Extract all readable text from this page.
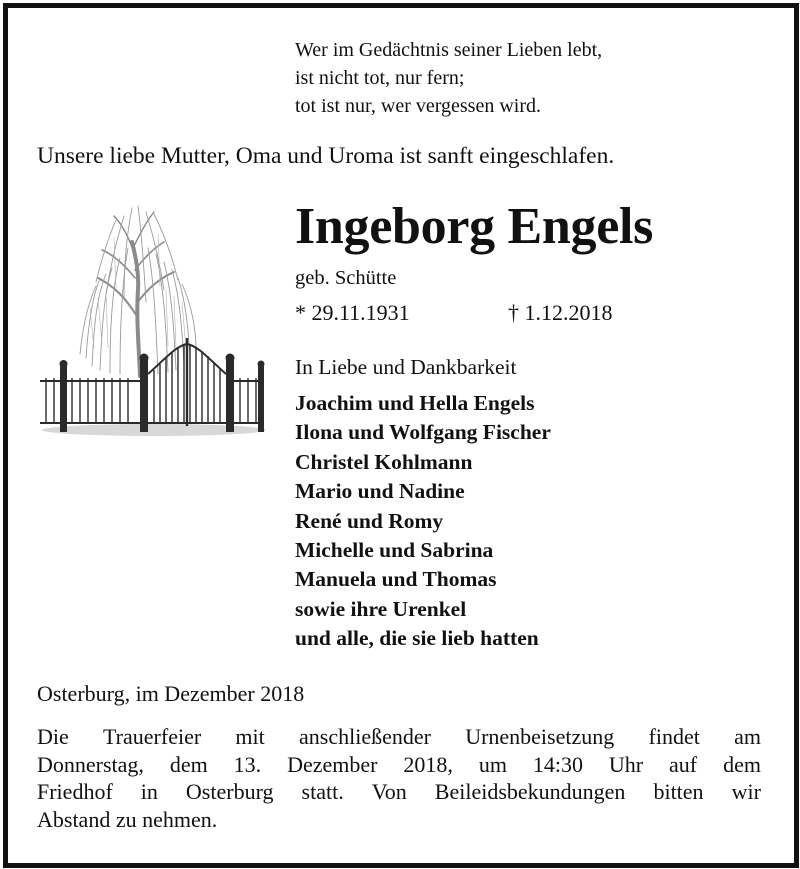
Wer im Gedächtnis seiner Lieben lebt,
ist nicht tot, nur fern;
tot ist nur, wer vergessen wird.
Unsere liebe Mutter, Oma und Uroma ist sanft eingeschlafen.
Ingeborg Engels
geb. Schütte
* 29.11.1931	† 1.12.2018
In Liebe und Dankbarkeit
Joachim und Hella Engels
Ilona und Wolfgang Fischer
Christel Kohlmann
Mario und Nadine
René und Romy
Michelle und Sabrina
Manuela und Thomas
sowie ihre Urenkel
und alle, die sie lieb hatten
Osterburg, im Dezember 2018
Die Trauerfeier mit anschließender Urnenbeisetzung findet am
Donnerstag, dem 13. Dezember 2018, um 14:30 Uhr auf dem
Friedhof in Osterburg statt. Von Beileidsbekundungen bitten wir
Abstand zu nehmen.
